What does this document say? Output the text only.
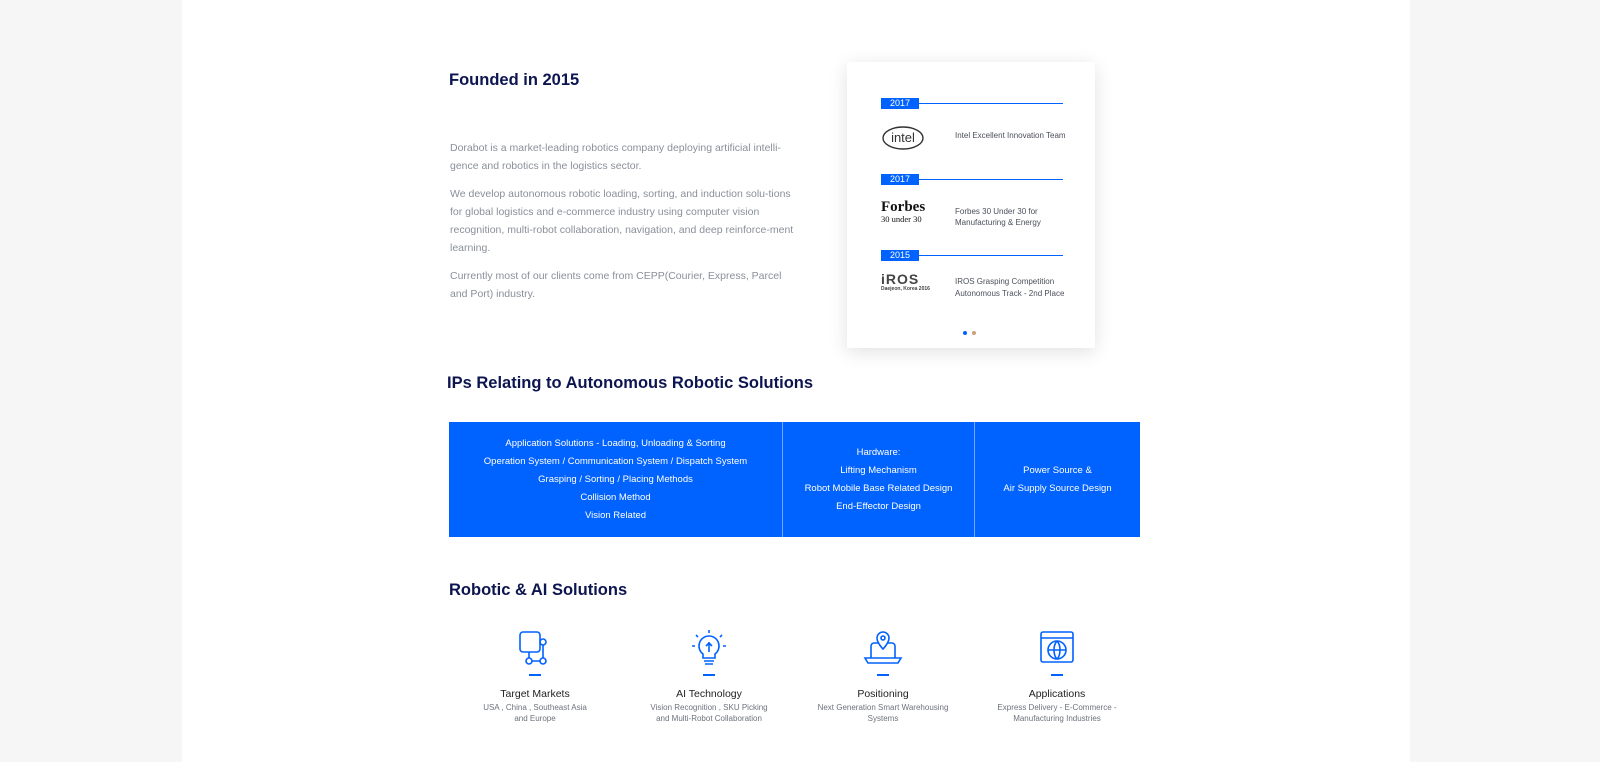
Founded in 2015

Dorabot is a market-leading robotics company deploying artificial intelli-gence and robotics in the logistics sector.

We develop autonomous robotic loading, sorting, and induction solu-tions for global logistics and e-commerce industry using computer vision recognition, multi-robot collaboration, navigation, and deep reinforce-ment learning.

Currently most of our clients come from CEPP(Courier, Express, Parcel and Port) industry.

2017
intel	Intel Excellent Innovation Team
2017
Forbes
30 under 30
Forbes 30 Under 30 for Manufacturing & Energy
2015
iROS
Daejeon, Korea 2016
IROS Grasping Competition Autonomous Track - 2nd Place
IPs Relating to Autonomous Robotic Solutions
Application Solutions - Loading, Unloading & Sorting
Operation System / Communication System / Dispatch System
Grasping / Sorting / Placing Methods
Collision Method
Vision Related
Hardware:
Lifting Mechanism
Robot Mobile Base Related Design
End-Effector Design
Power Source &
Air Supply Source Design
Robotic & AI Solutions
Target Markets
USA , China , Southeast Asia
and Europe
AI Technology
Vision Recognition , SKU Picking
and Multi-Robot Collaboration
Positioning
Next Generation Smart Warehousing
Systems
Applications
Express Delivery - E-Commerce -
Manufacturing Industries
